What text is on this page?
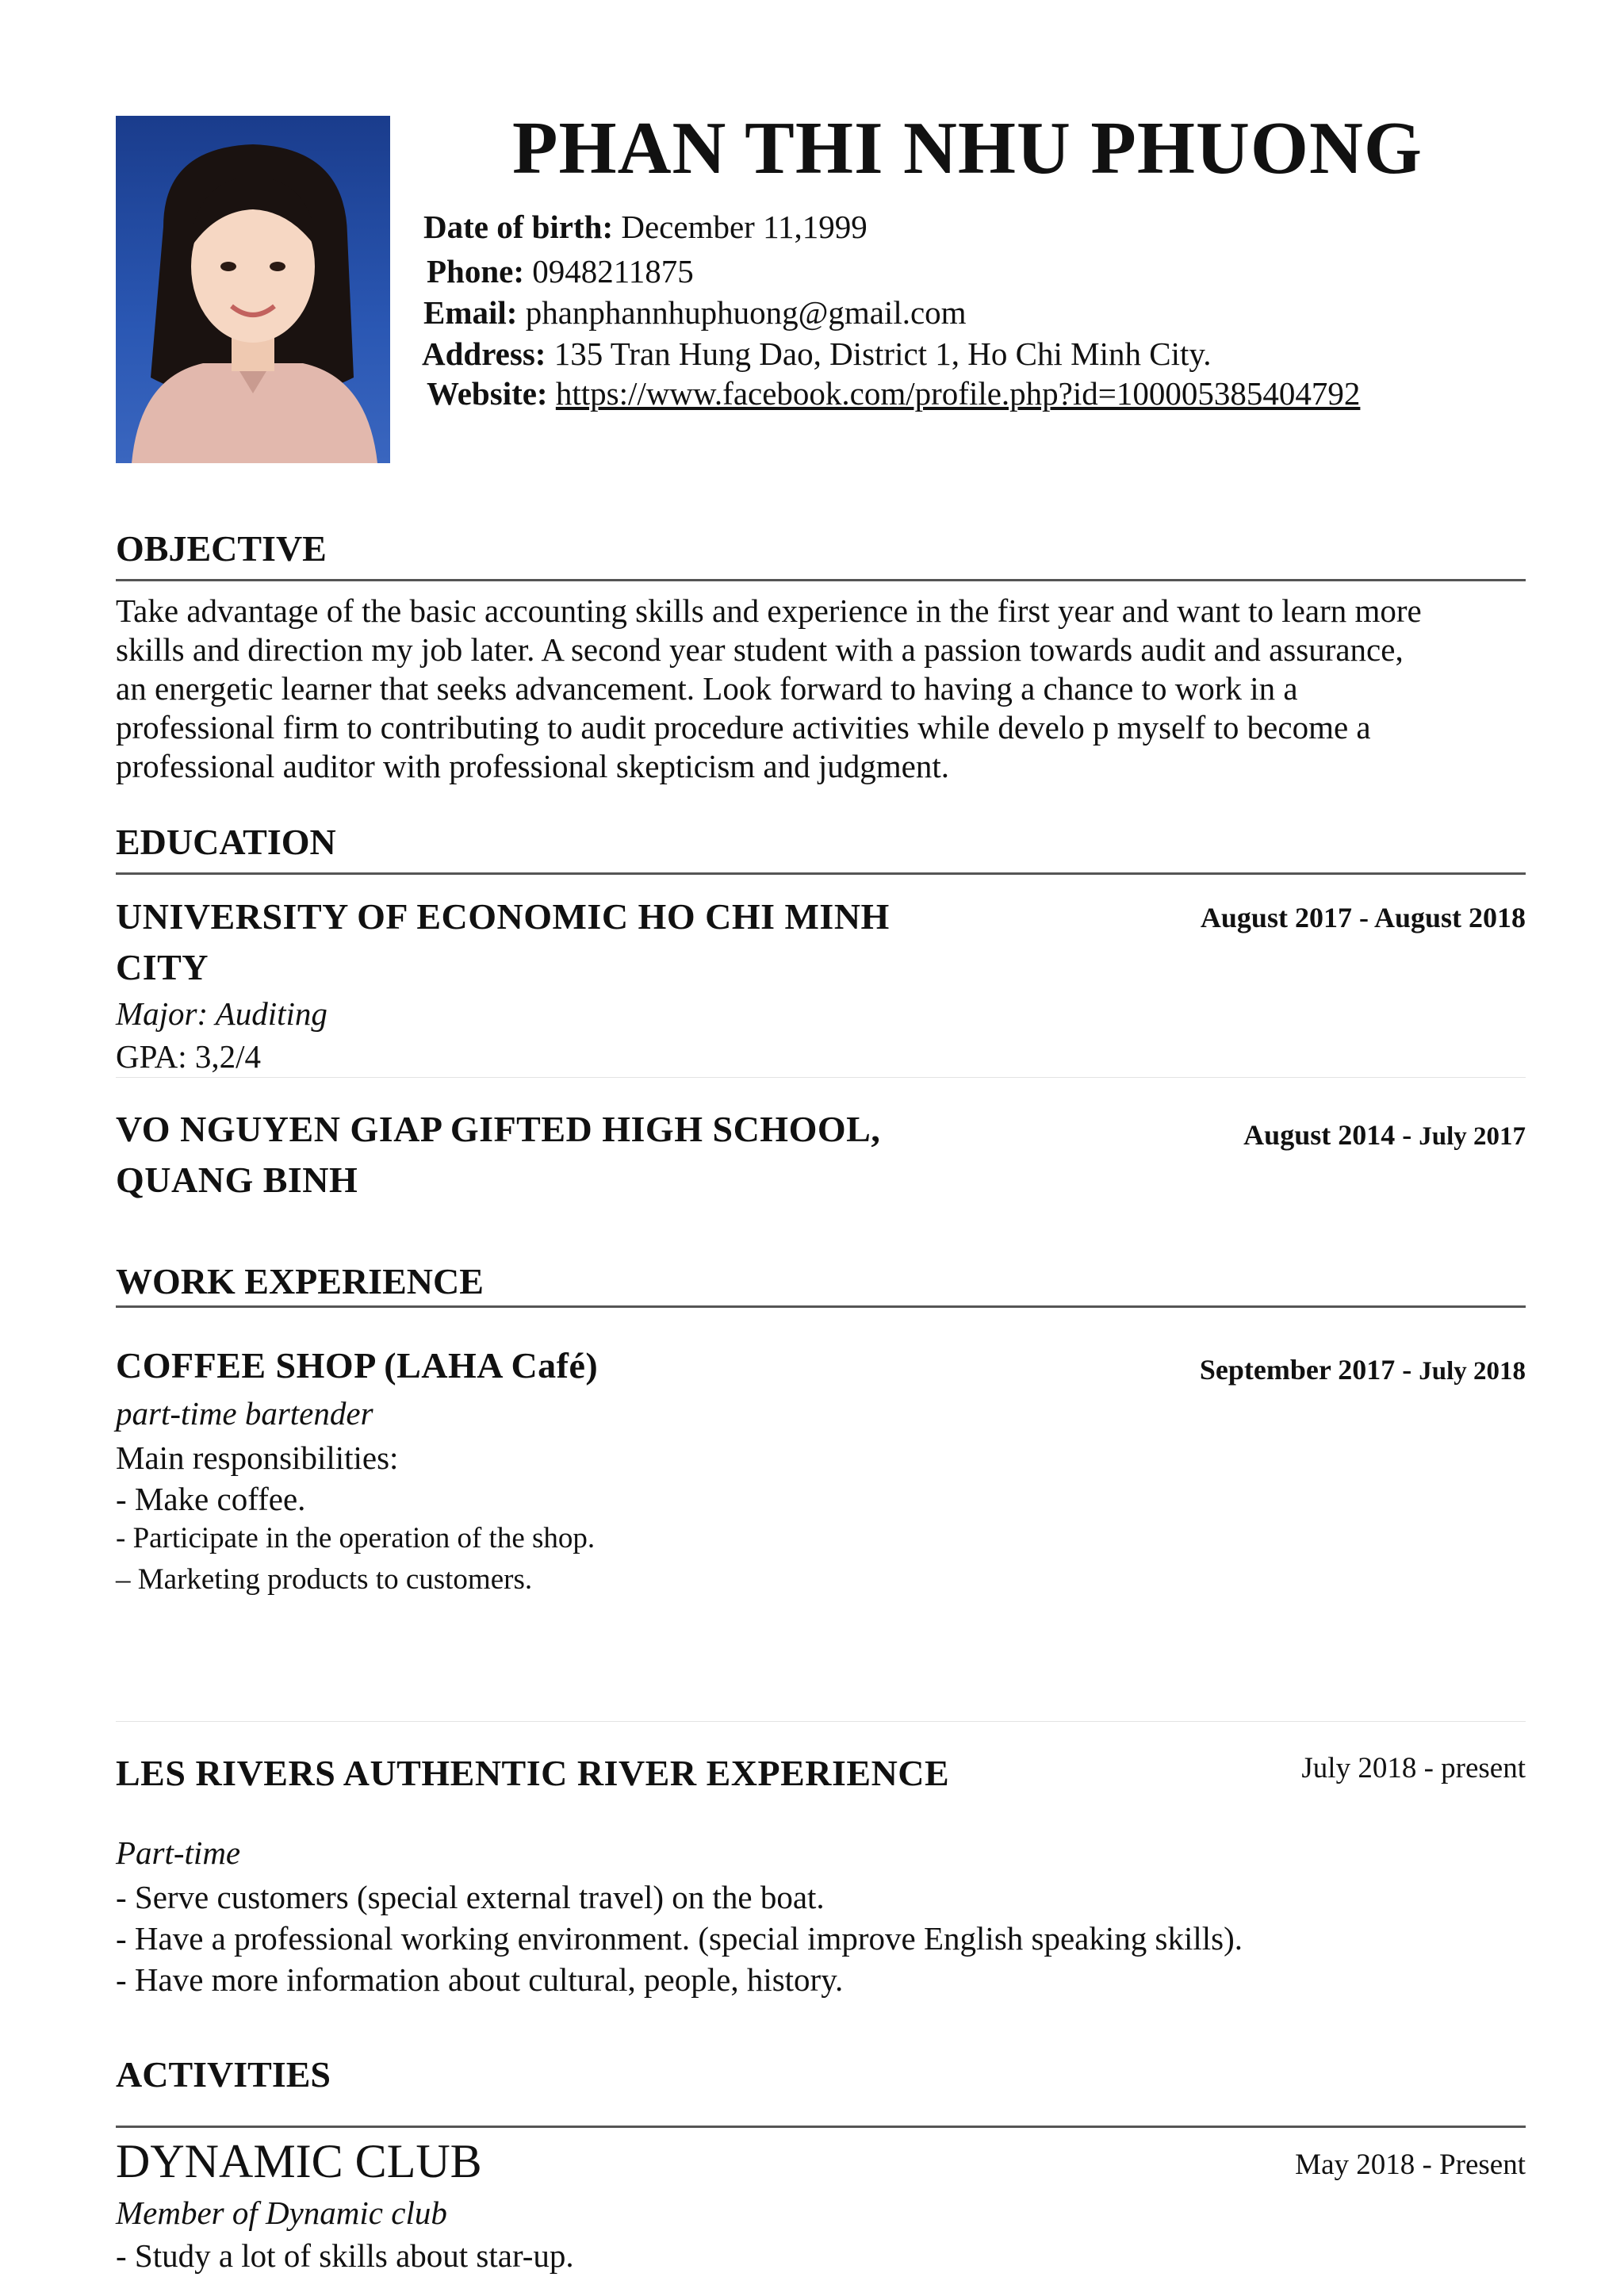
PHAN THI NHU PHUONG
Date of birth: December 11,1999
Phone: 0948211875
Email: phanphannhuphuong@gmail.com
Address: 135 Tran Hung Dao, District 1, Ho Chi Minh City.
Website: https://www.facebook.com/profile.php?id=100005385404792
OBJECTIVE
Take advantage of the basic accounting skills and experience in the first year and want to learn more
skills and direction my job later. A second year student with a passion towards audit and assurance,
an energetic learner that seeks advancement. Look forward to having a chance to work in a
professional firm to contributing to audit procedure activities while develo p myself to become a
professional auditor with professional skepticism and judgment.
EDUCATION
UNIVERSITY OF ECONOMIC HO CHI MINH
CITY
August 2017 - August 2018
Major: Auditing
GPA: 3,2/4
VO NGUYEN GIAP GIFTED HIGH SCHOOL,
QUANG BINH
August 2014 - July 2017
WORK EXPERIENCE
COFFEE SHOP (LAHA Café)	September 2017 - July 2018
part-time bartender
Main responsibilities:
- Make coffee.
- Participate in the operation of the shop.
– Marketing products to customers.
LES RIVERS AUTHENTIC RIVER EXPERIENCE	July 2018 - present
Part-time
- Serve customers (special external travel) on the boat.
- Have a professional working environment. (special improve English speaking skills).
- Have more information about cultural, people, history.
ACTIVITIES
DYNAMIC CLUB	May 2018 - Present
Member of Dynamic club
- Study a lot of skills about star-up.
